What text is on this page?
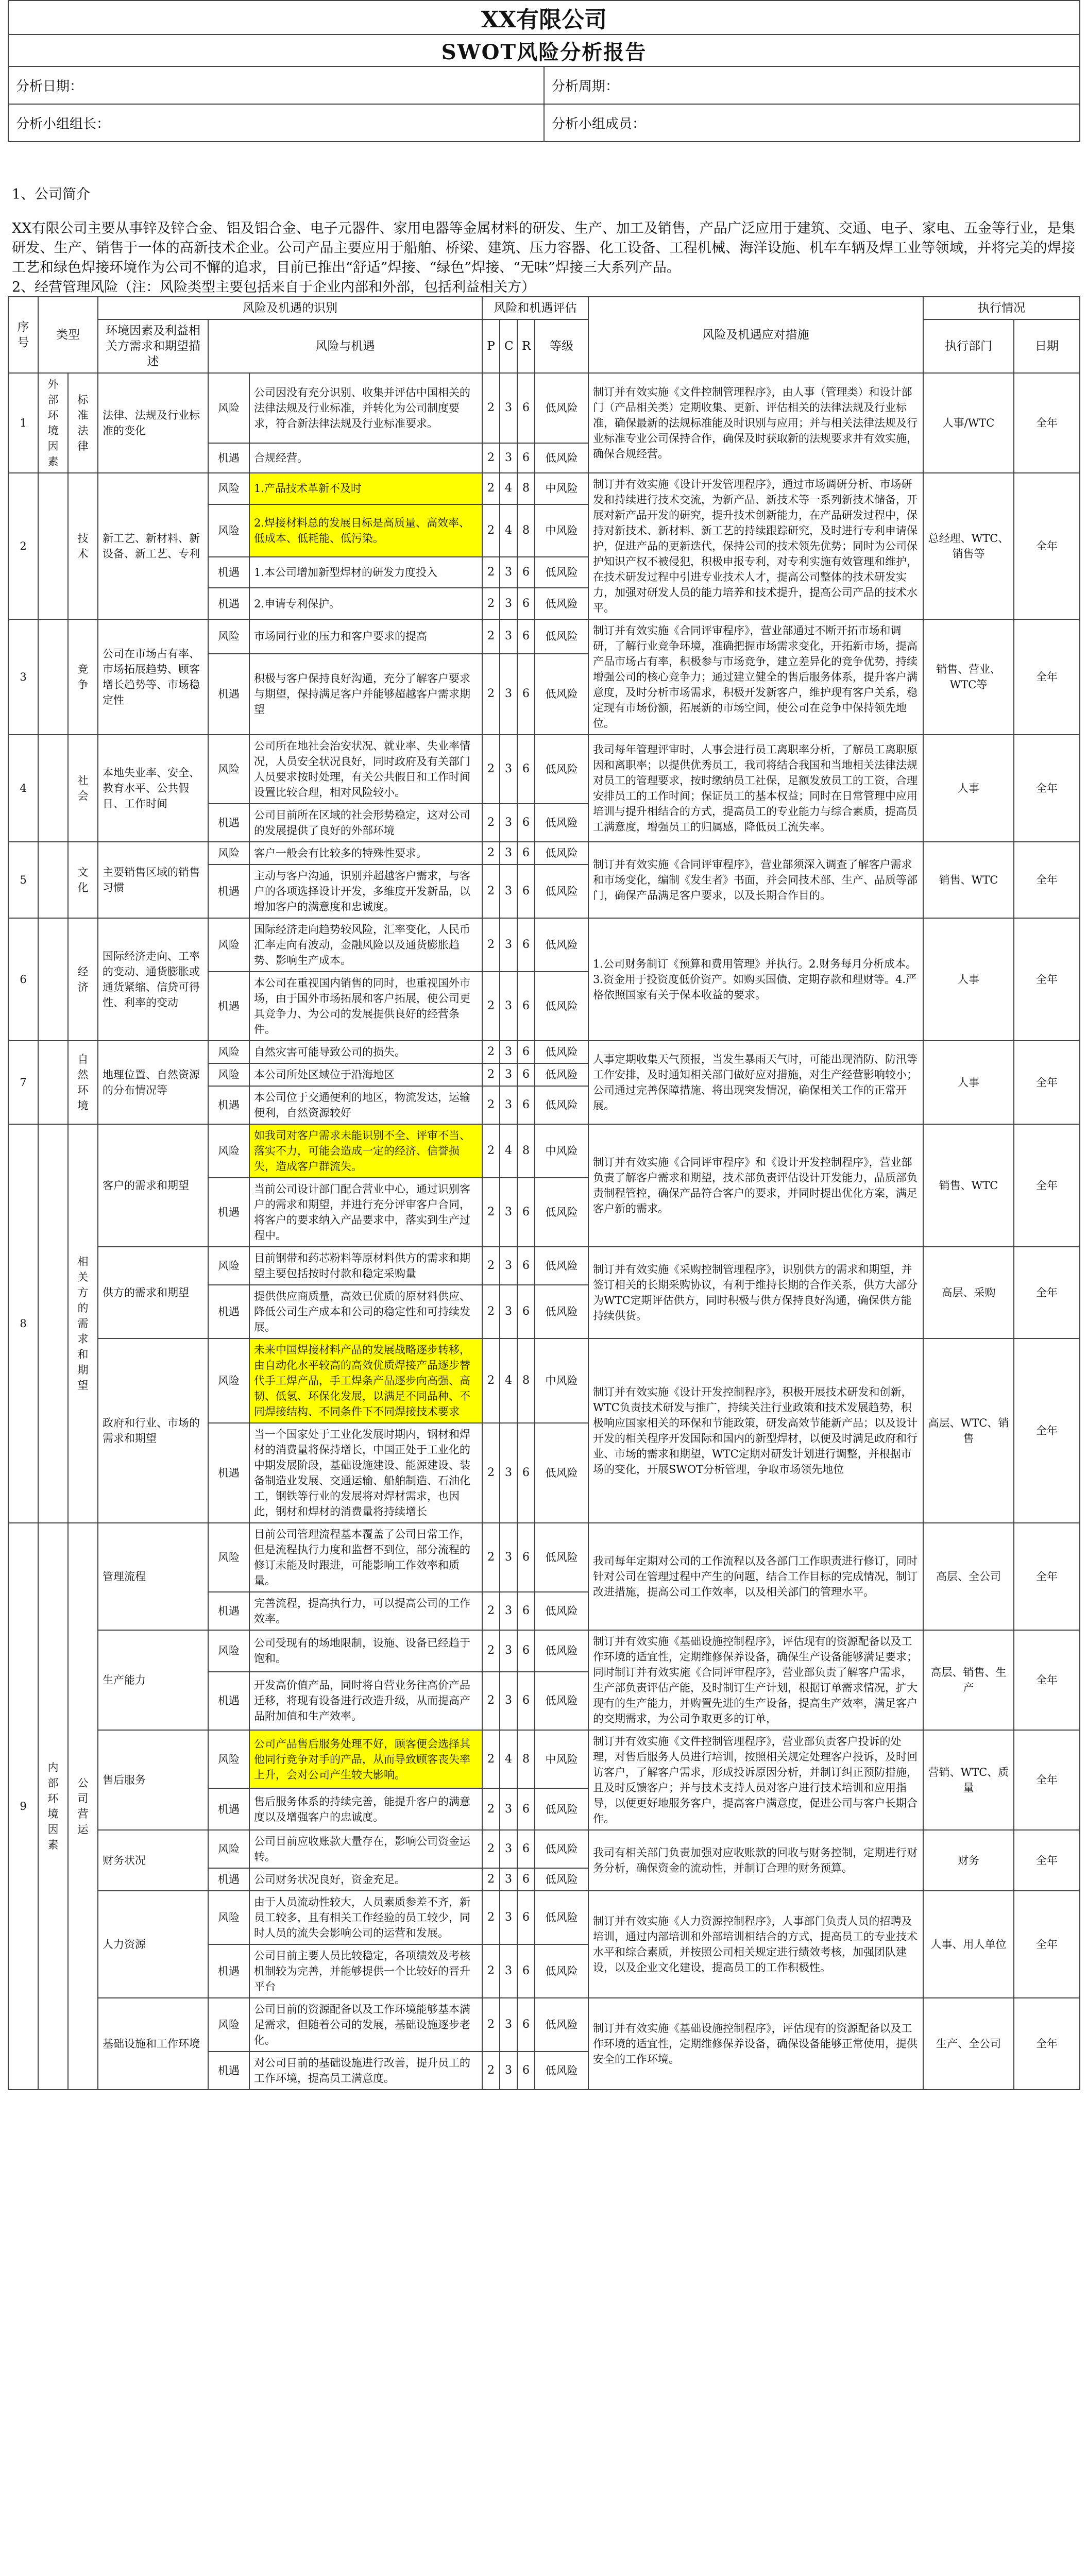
XX有限公司	
SWOT风险分析报告	
分析日期：	分析周期：
分析小组组长：	分析小组成员：
1、公司简介
XX有限公司主要从事锌及锌合金、铝及铝合金、电子元器件、家用电器等金属材料的研发、生产、加工及销售，产品广泛应用于建筑、交通、电子、家电、五金等行业，是集研发、生产、销售于一体的高新技术企业。公司产品主要应用于船舶、桥梁、建筑、压力容器、化工设备、工程机械、海洋设施、机车车辆及焊工业等领域，并将完美的焊接工艺和绿色焊接环境作为公司不懈的追求，目前已推出“舒适”焊接、“绿色”焊接、“无味”焊接三大系列产品。
2、经营管理风险（注：风险类型主要包括来自于企业内部和外部，包括利益相关方）
序号	类型		风险及机遇的识别			风险和机遇评估				风险及机遇应对措施	执行情况	
			环境因素及利益相关方需求和期望描述	风险与机遇		P	C	R	等级		执行部门	日期
1	外部环境因素	标准法律	法律、法规及行业标准的变化	风险	公司因没有充分识别、收集并评估中国相关的法律法规及行业标准，并转化为公司制度要求，符合新法律法规及行业标准要求。	2	3	6	低风险	制订并有效实施《文件控制管理程序》，由人事（管理类）和设计部门（产品相关类）定期收集、更新、评估相关的法律法规及行业标准，确保最新的法规标准能及时识别与应用；并与相关法律法规及行业标准专业公司保持合作，确保及时获取新的法规要求并有效实施，确保合规经营。	人事/WTC	全年
				机遇	合规经营。	2	3	6	低风险			
2		技术	新工艺、新材料、新设备、新工艺、专利	风险	1.产品技术革新不及时	2	4	8	中风险	制订并有效实施《设计开发管理程序》，通过市场调研分析、市场研发和持续进行技术交流，为新产品、新技术等一系列新技术储备，开展对新产品开发的研究，提升技术创新能力，在产品研发过程中，保持对新技术、新材料、新工艺的持续跟踪研究，及时进行专利申请保护，促进产品的更新迭代，保持公司的技术领先优势；同时为公司保护知识产权不被侵犯，积极申报专利，对专利实施有效管理和维护，在技术研发过程中引进专业技术人才，提高公司整体的技术研发实力，加强对研发人员的能力培养和技术提升，提高公司产品的技术水平。	总经理、WTC、销售等	全年
				风险	2.焊接材料总的发展目标是高质量、高效率、低成本、低耗能、低污染。	2	4	8	中风险			
				机遇	1.本公司增加新型焊材的研发力度投入	2	3	6	低风险			
				机遇	2.申请专利保护。	2	3	6	低风险			
3		竞争	公司在市场占有率、市场拓展趋势、顾客增长趋势等、市场稳定性	风险	市场同行业的压力和客户要求的提高	2	3	6	低风险	制订并有效实施《合同评审程序》，营业部通过不断开拓市场和调研，了解行业竞争环境，准确把握市场需求变化，开拓新市场，提高产品市场占有率，积极参与市场竞争，建立差异化的竞争优势，持续增强公司的核心竞争力；通过建立健全的售后服务体系，提升客户满意度，及时分析市场需求，积极开发新客户，维护现有客户关系，稳定现有市场份额，拓展新的市场空间，使公司在竞争中保持领先地位。	销售、营业、WTC等	全年
				机遇	积极与客户保持良好沟通，充分了解客户要求与期望，保持满足客户并能够超越客户需求期望	2	3	6	低风险			
4		社会	本地失业率、安全、教育水平、公共假日、工作时间	风险	公司所在地社会治安状况、就业率、失业率情况，人员安全状况良好，同时政府及有关部门人员要求按时处理，有关公共假日和工作时间设置比较合理，相对风险较小。	2	3	6	低风险	我司每年管理评审时，人事会进行员工离职率分析，了解员工离职原因和离职率；以提供优秀员工，我司将结合我国和当地相关法律法规对员工的管理要求，按时缴纳员工社保，足额发放员工的工资，合理安排员工的工作时间；保证员工的基本权益；同时在日常管理中应用培训与提升相结合的方式，提高员工的专业能力与综合素质，提高员工满意度，增强员工的归属感，降低员工流失率。	人事	全年
				机遇	公司目前所在区域的社会形势稳定，这对公司的发展提供了良好的外部环境	2	3	6	低风险			
5		文化	主要销售区域的销售习惯	风险	客户一般会有比较多的特殊性要求。	2	3	6	低风险	制订并有效实施《合同评审程序》，营业部须深入调查了解客户需求和市场变化，编制《发生者》书面，并会同技术部、生产、品质等部门，确保产品满足客户要求，以及长期合作目的。	销售、WTC	全年
				机遇	主动与客户沟通，识别并超越客户需求，与客户的各项选择设计开发，多维度开发新品，以增加客户的满意度和忠诚度。	2	3	6	低风险			
6		经济	国际经济走向、工率的变动、通货膨胀或通货紧缩、信贷可得性、利率的变动	风险	国际经济走向趋势较风险，汇率变化，人民币汇率走向有波动，金融风险以及通货膨胀趋势、影响生产成本。	2	3	6	低风险	1.公司财务制订《预算和费用管理》并执行。2.财务每月分析成本。3.资金用于投资度低价资产。如购买国债、定期存款和理财等。4.严格依照国家有关于保本收益的要求。	人事	全年
				机遇	本公司在重视国内销售的同时，也重视国外市场，由于国外市场拓展和客户拓展，使公司更具竞争力、为公司的发展提供良好的经营条件。	2	3	6	低风险			
7		自然环境	地理位置、自然资源的分布情况等	风险	自然灾害可能导致公司的损失。	2	3	6	低风险	人事定期收集天气预报，当发生暴雨天气时，可能出现消防、防汛等工作安排，及时通知相关部门做好应对措施，对生产经营影响较小；公司通过完善保障措施、将出现突发情况，确保相关工作的正常开展。	人事	全年
				风险	本公司所处区域位于沿海地区	2	3	6	低风险			
				机遇	本公司位于交通便利的地区，物流发达，运输便利，自然资源较好	2	3	6	低风险			
8		相关方的需求和期望	客户的需求和期望	风险	如我司对客户需求未能识别不全、评审不当、落实不力，可能会造成一定的经济、信誉损失，造成客户群流失。	2	4	8	中风险	制订并有效实施《合同评审程序》和《设计开发控制程序》，营业部负责了解客户需求和期望，技术部负责评估设计开发能力，品质部负责制程管控，确保产品符合客户的要求，并同时提出优化方案，满足客户新的需求。	销售、WTC	全年
				机遇	当前公司设计部门配合营业中心，通过识别客户的需求和期望，并进行充分评审客户合同，将客户的要求纳入产品要求中，落实到生产过程中。	2	3	6	低风险			
			供方的需求和期望	风险	目前钢带和药芯粉料等原材料供方的需求和期望主要包括按时付款和稳定采购量	2	3	6	低风险	制订并有效实施《采购控制管理程序》，识别供方的需求和期望，并签订相关的长期采购协议，有利于维持长期的合作关系，供方大部分为WTC定期评估供方，同时积极与供方保持良好沟通，确保供方能持续供货。	高层、采购	全年
				机遇	提供供应商质量，高效已优质的原材料供应、降低公司生产成本和公司的稳定性和可持续发展。	2	3	6	低风险			
			政府和行业、市场的需求和期望	风险	未来中国焊接材料产品的发展战略逐步转移，由自动化水平较高的高效优质焊接产品逐步替代手工焊产品，手工焊条产品逐步向高强、高韧、低氢、环保化发展，以满足不同品种、不同焊接结构、不同条件下不同焊接技术要求	2	4	8	中风险	制订并有效实施《设计开发控制程序》，积极开展技术研发和创新，WTC负责技术研发与推广，持续关注行业政策和技术发展趋势，积极响应国家相关的环保和节能政策，研发高效节能新产品；以及设计开发的相关程序开发国际和国内的新型焊材，以便及时满足政府和行业、市场的需求和期望，WTC定期对研发计划进行调整，并根据市场的变化，开展SWOT分析管理，争取市场领先地位	高层、WTC、销售	全年
				机遇	当一个国家处于工业化发展时期内，钢材和焊材的消费量将保持增长，中国正处于工业化的中期发展阶段，基础设施建设、能源建设、装备制造业发展、交通运输、船舶制造、石油化工，钢铁等行业的发展将对焊材需求，也因此，钢材和焊材的消费量将持续增长	2	3	6	低风险			
9	内部环境因素	公司营运	管理流程	风险	目前公司管理流程基本覆盖了公司日常工作，但是流程执行力度和监督不到位，部分流程的修订未能及时跟进，可能影响工作效率和质量。	2	3	6	低风险	我司每年定期对公司的工作流程以及各部门工作职责进行修订，同时针对公司在管理过程中产生的问题，结合工作目标的完成情况，制订改进措施，提高公司工作效率，以及相关部门的管理水平。	高层、全公司	全年
				机遇	完善流程，提高执行力，可以提高公司的工作效率。	2	3	6	低风险			
			生产能力	风险	公司受现有的场地限制，设施、设备已经趋于饱和。	2	3	6	低风险	制订并有效实施《基础设施控制程序》，评估现有的资源配备以及工作环境的适宜性，定期维修保养设备，确保生产设备能够满足要求；同时制订并有效实施《合同评审程序》，营业部负责了解客户需求，生产部负责评估产能，及时制订生产计划，根据订单需求情况，扩大现有的生产能力，并购置先进的生产设备，提高生产效率，满足客户的交期需求，为公司争取更多的订单，	高层、销售、生产	全年
				机遇	开发高价值产品，同时将自营业务往高价产品迁移，将现有设备进行改造升级，从而提高产品附加值和生产效率。	2	3	6	低风险			
			售后服务	风险	公司产品售后服务处理不好，顾客便会选择其他同行竞争对手的产品，从而导致顾客丧失率上升，会对公司产生较大影响。	2	4	8	中风险	制订并有效实施《文件控制管理程序》，营业部负责客户投诉的处理，对售后服务人员进行培训，按照相关规定处理客户投诉，及时回访客户，了解客户需求，形成投诉原因分析，并制订纠正预防措施，且及时反馈客户；并与技术支持人员对客户进行技术培训和应用指导，以便更好地服务客户，提高客户满意度，促进公司与客户长期合作。	营销、WTC、质量	全年
				机遇	售后服务体系的持续完善，能提升客户的满意度以及增强客户的忠诚度。	2	3	6	低风险			
			财务状况	风险	公司目前应收账款大量存在，影响公司资金运转。	2	3	6	低风险	我司有相关部门负责加强对应收账款的回收与财务控制，定期进行财务分析，确保资金的流动性，并制订合理的财务预算。	财务	全年
				机遇	公司财务状况良好，资金充足。	2	3	6	低风险			
			人力资源	风险	由于人员流动性较大，人员素质参差不齐，新员工较多，且有相关工作经验的员工较少，同时人员的流失会影响公司的运营和发展。	2	3	6	低风险	制订并有效实施《人力资源控制程序》，人事部门负责人员的招聘及培训，通过内部培训和外部培训相结合的方式，提高员工的专业技术水平和综合素质，并按照公司相关规定进行绩效考核，加强团队建设，以及企业文化建设，提高员工的工作积极性。	人事、用人单位	全年
				机遇	公司目前主要人员比较稳定，各项绩效及考核机制较为完善，并能够提供一个比较好的晋升平台	2	3	6	低风险			
			基础设施和工作环境	风险	公司目前的资源配备以及工作环境能够基本满足需求，但随着公司的发展，基础设施逐步老化。	2	3	6	低风险	制订并有效实施《基础设施控制程序》，评估现有的资源配备以及工作环境的适宜性，定期维修保养设备，确保设备能够正常使用，提供安全的工作环境。	生产、全公司	全年
				机遇	对公司目前的基础设施进行改善，提升员工的工作环境，提高员工满意度。	2	3	6	低风险			
